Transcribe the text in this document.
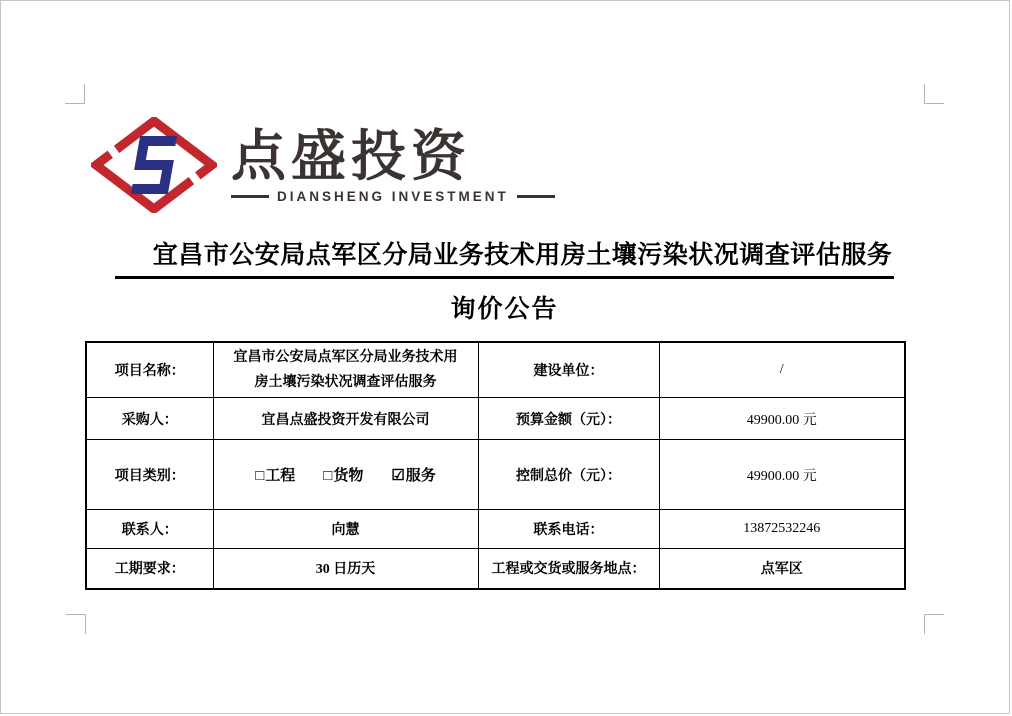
点盛投资
DIANSHENG INVESTMENT
宜昌市公安局点军区分局业务技术用房土壤污染状况调查评估服务
询价公告
项目名称：	宜昌市公安局点军区分局业务技术用
房土壤污染状况调查评估服务	建设单位：	/
采购人：	宜昌点盛投资开发有限公司	预算金额（元）：	49900.00 元
项目类别：	□工程 □货物 ☑服务	控制总价（元）：	49900.00 元
联系人：	向慧	联系电话：	13872532246
工期要求：	30 日历天	工程或交货或服务地点：	点军区
